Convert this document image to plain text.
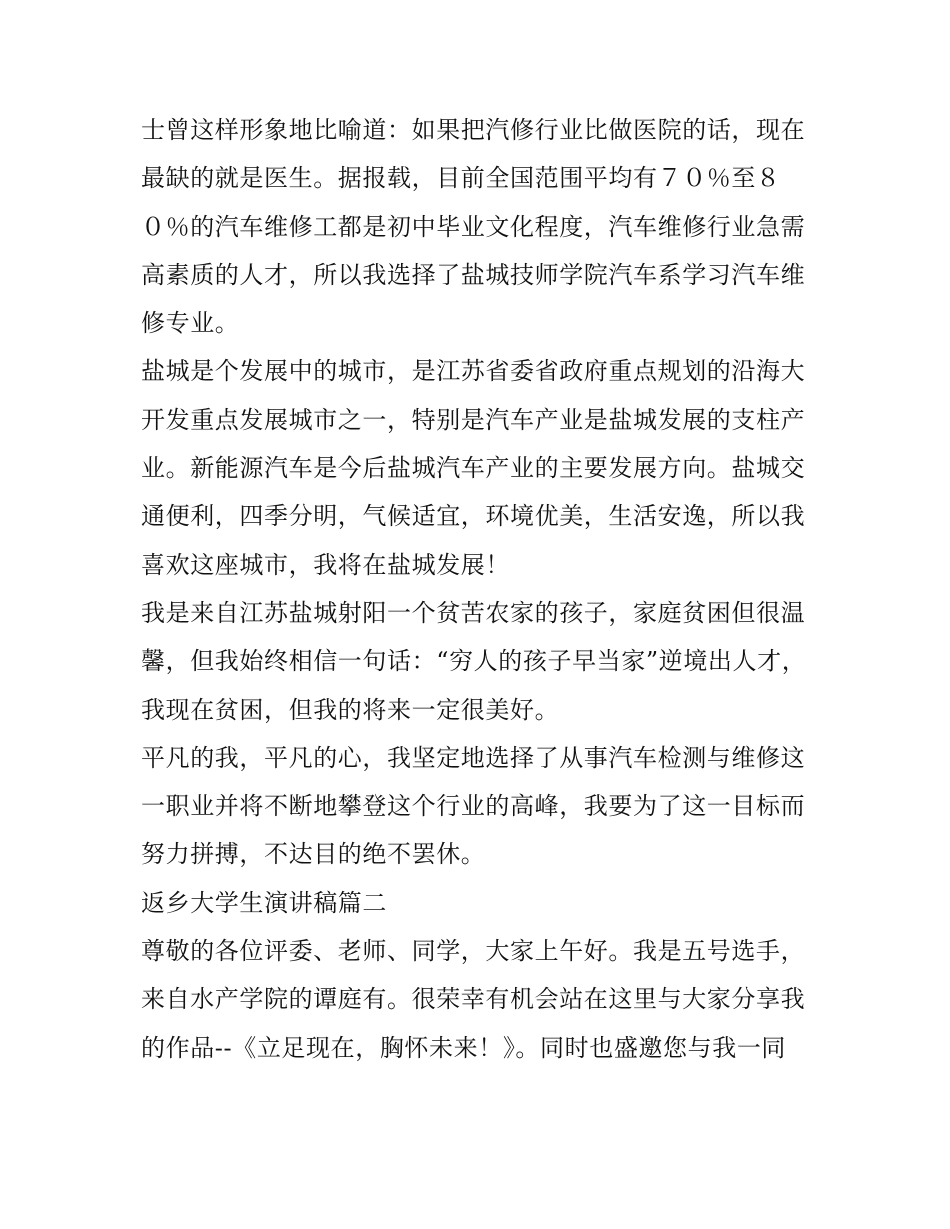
士曾这样形象地比喻道：如果把汽修行业比做医院的话，现在
最缺的就是医生。据报载，目前全国范围平均有７０％至８
０％的汽车维修工都是初中毕业文化程度，汽车维修行业急需
高素质的人才，所以我选择了盐城技师学院汽车系学习汽车维
修专业。
盐城是个发展中的城市，是江苏省委省政府重点规划的沿海大
开发重点发展城市之一，特别是汽车产业是盐城发展的支柱产
业。新能源汽车是今后盐城汽车产业的主要发展方向。盐城交
通便利，四季分明，气候适宜，环境优美，生活安逸，所以我
喜欢这座城市，我将在盐城发展！
我是来自江苏盐城射阳一个贫苦农家的孩子，家庭贫困但很温
馨，但我始终相信一句话：“穷人的孩子早当家”逆境出人才，
我现在贫困，但我的将来一定很美好。
平凡的我，平凡的心，我坚定地选择了从事汽车检测与维修这
一职业并将不断地攀登这个行业的高峰，我要为了这一目标而
努力拼搏，不达目的绝不罢休。
返乡大学生演讲稿篇二
尊敬的各位评委、老师、同学，大家上午好。我是五号选手，
来自水产学院的谭庭有。很荣幸有机会站在这里与大家分享我
的作品--《立足现在，胸怀未来！》。同时也盛邀您与我一同
